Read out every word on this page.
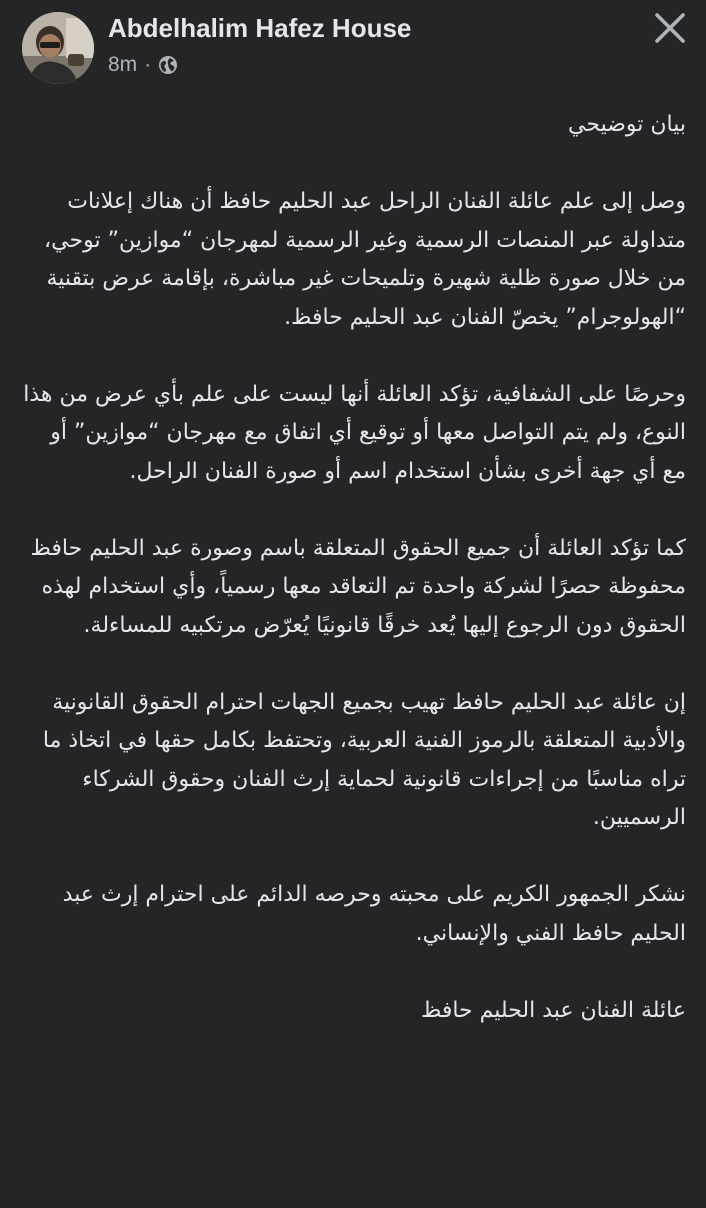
Abdelhalim Hafez House
8m ·

بيان توضيحي

وصل إلى علم عائلة الفنان الراحل عبد الحليم حافظ أن هناك إعلانات متداولة عبر المنصات الرسمية وغير الرسمية لمهرجان “موازين” توحي، من خلال صورة ظلية شهيرة وتلميحات غير مباشرة، بإقامة عرض بتقنية “الهولوجرام” يخصّ الفنان عبد الحليم حافظ.

وحرصًا على الشفافية، تؤكد العائلة أنها ليست على علم بأي عرض من هذا النوع، ولم يتم التواصل معها أو توقيع أي اتفاق مع مهرجان “موازين” أو مع أي جهة أخرى بشأن استخدام اسم أو صورة الفنان الراحل.

كما تؤكد العائلة أن جميع الحقوق المتعلقة باسم وصورة عبد الحليم حافظ محفوظة حصرًا لشركة واحدة تم التعاقد معها رسمياً، وأي استخدام لهذه الحقوق دون الرجوع إليها يُعد خرقًا قانونيًا يُعرّض مرتكبيه للمساءلة.

إن عائلة عبد الحليم حافظ تهيب بجميع الجهات احترام الحقوق القانونية والأدبية المتعلقة بالرموز الفنية العربية، وتحتفظ بكامل حقها في اتخاذ ما تراه مناسبًا من إجراءات قانونية لحماية إرث الفنان وحقوق الشركاء الرسميين.

نشكر الجمهور الكريم على محبته وحرصه الدائم على احترام إرث عبد الحليم حافظ الفني والإنساني.

عائلة الفنان عبد الحليم حافظ
